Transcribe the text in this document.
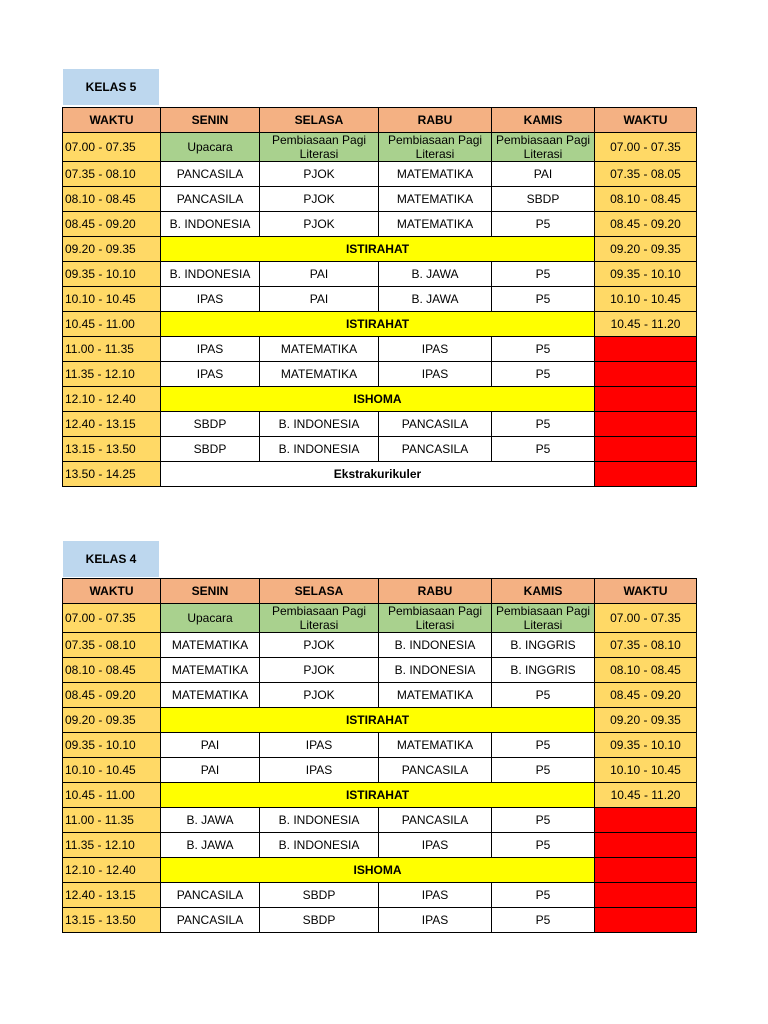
KELAS 5
WAKTU	SENIN	SELASA	RABU	KAMIS	WAKTU
07.00 - 07.35	Upacara	Pembiasaan Pagi Literasi	Pembiasaan Pagi Literasi	Pembiasaan Pagi Literasi	07.00 - 07.35
07.35 - 08.10	PANCASILA	PJOK	MATEMATIKA	PAI	07.35 - 08.05
08.10 - 08.45	PANCASILA	PJOK	MATEMATIKA	SBDP	08.10 - 08.45
08.45 - 09.20	B. INDONESIA	PJOK	MATEMATIKA	P5	08.45 - 09.20
09.20 - 09.35	ISTIRAHAT				09.20 - 09.35
09.35 - 10.10	B. INDONESIA	PAI	B. JAWA	P5	09.35 - 10.10
10.10 - 10.45	IPAS	PAI	B. JAWA	P5	10.10 - 10.45
10.45 - 11.00	ISTIRAHAT				10.45 - 11.20
11.00 - 11.35	IPAS	MATEMATIKA	IPAS	P5	
11.35 - 12.10	IPAS	MATEMATIKA	IPAS	P5	
12.10 - 12.40	ISHOMA				
12.40 - 13.15	SBDP	B. INDONESIA	PANCASILA	P5	
13.15 - 13.50	SBDP	B. INDONESIA	PANCASILA	P5	
13.50 - 14.25	Ekstrakurikuler				
KELAS 4
WAKTU	SENIN	SELASA	RABU	KAMIS	WAKTU
07.00 - 07.35	Upacara	Pembiasaan Pagi Literasi	Pembiasaan Pagi Literasi	Pembiasaan Pagi Literasi	07.00 - 07.35
07.35 - 08.10	MATEMATIKA	PJOK	B. INDONESIA	B. INGGRIS	07.35 - 08.10
08.10 - 08.45	MATEMATIKA	PJOK	B. INDONESIA	B. INGGRIS	08.10 - 08.45
08.45 - 09.20	MATEMATIKA	PJOK	MATEMATIKA	P5	08.45 - 09.20
09.20 - 09.35	ISTIRAHAT				09.20 - 09.35
09.35 - 10.10	PAI	IPAS	MATEMATIKA	P5	09.35 - 10.10
10.10 - 10.45	PAI	IPAS	PANCASILA	P5	10.10 - 10.45
10.45 - 11.00	ISTIRAHAT				10.45 - 11.20
11.00 - 11.35	B. JAWA	B. INDONESIA	PANCASILA	P5	
11.35 - 12.10	B. JAWA	B. INDONESIA	IPAS	P5	
12.10 - 12.40	ISHOMA				
12.40 - 13.15	PANCASILA	SBDP	IPAS	P5	
13.15 - 13.50	PANCASILA	SBDP	IPAS	P5	
